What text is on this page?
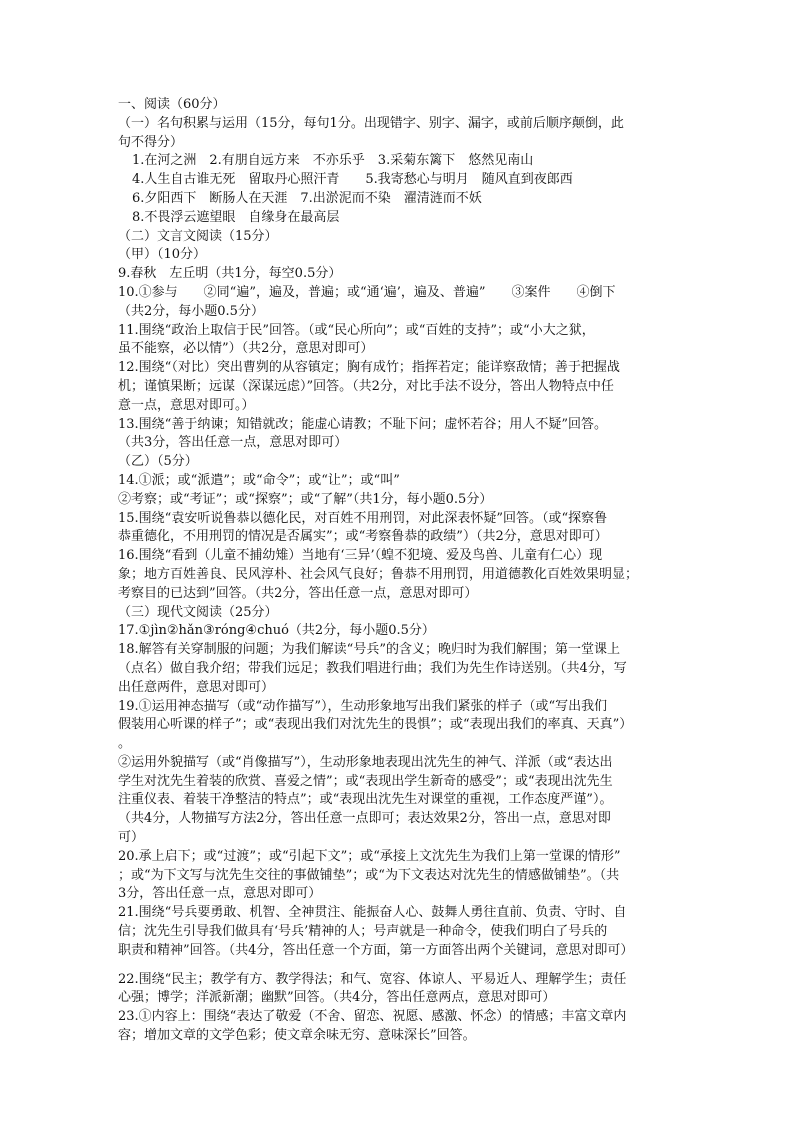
一、阅读（60分）
（一）名句积累与运用（15分，每句1分。出现错字、别字、漏字，或前后顺序颠倒，此
句不得分）
1.在河之洲　2.有朋自远方来　不亦乐乎　3.采菊东篱下　悠然见南山
4.人生自古谁无死　留取丹心照汗青　　5.我寄愁心与明月　随风直到夜郎西
6.夕阳西下　断肠人在天涯　7.出淤泥而不染　濯清涟而不妖
8.不畏浮云遮望眼　自缘身在最高层
（二）文言文阅读（15分）
（甲）（10分）
9.春秋　左丘明（共1分，每空0.5分）
10.①参与　　②同“遍”，遍及，普遍；或“通‘遍’，遍及、普遍”　　③案件　　④倒下
（共2分，每小题0.5分）
11.围绕“政治上取信于民”回答。（或“民心所向”；或“百姓的支持”；或“小大之狱，
虽不能察，必以情”）（共2分，意思对即可）
12.围绕“（对比）突出曹刿的从容镇定；胸有成竹；指挥若定；能详察敌情；善于把握战
机；谨慎果断；远谋（深谋远虑）”回答。（共2分，对比手法不设分，答出人物特点中任
意一点，意思对即可。）
13.围绕“善于纳谏；知错就改；能虚心请教；不耻下问；虚怀若谷；用人不疑”回答。
（共3分，答出任意一点，意思对即可）
（乙）（5分）
14.①派；或“派遣”；或“命令”；或“让”；或“叫”
②考察；或“考证”；或“探察”；或“了解”（共1分，每小题0.5分）
15.围绕“袁安听说鲁恭以德化民，对百姓不用刑罚，对此深表怀疑”回答。（或“探察鲁
恭重德化，不用刑罚的情况是否属实”；或“考察鲁恭的政绩”）（共2分，意思对即可）
16.围绕“看到（儿童不捕幼雉）当地有‘三异’（蝗不犯境、爱及鸟兽、儿童有仁心）现
象；地方百姓善良、民风淳朴、社会风气良好；鲁恭不用刑罚，用道德教化百姓效果明显；
考察目的已达到”回答。（共2分，答出任意一点，意思对即可）
（三）现代文阅读（25分）
17.①jìn②hǎn③róng④chuó（共2分，每小题0.5分）
18.解答有关穿制服的问题；为我们解读“号兵”的含义；晚归时为我们解围；第一堂课上
（点名）做自我介绍；带我们远足；教我们唱进行曲；我们为先生作诗送别。（共4分，写
出任意两件，意思对即可）
19.①运用神态描写（或“动作描写”），生动形象地写出我们紧张的样子（或“写出我们
假装用心听课的样子”；或“表现出我们对沈先生的畏惧”；或“表现出我们的率真、天真”）
。
②运用外貌描写（或“肖像描写”），生动形象地表现出沈先生的神气、洋派（或“表达出
学生对沈先生着装的欣赏、喜爱之情”；或“表现出学生新奇的感受”；或“表现出沈先生
注重仪表、着装干净整洁的特点”；或“表现出沈先生对课堂的重视，工作态度严谨”）。
（共4分，人物描写方法2分，答出任意一点即可；表达效果2分，答出一点，意思对即
可）
20.承上启下；或“过渡”；或“引起下文”；或“承接上文沈先生为我们上第一堂课的情形”
；或“为下文写与沈先生交往的事做铺垫”；或“为下文表达对沈先生的情感做铺垫”。（共
3分，答出任意一点，意思对即可）
21.围绕“号兵要勇敢、机智、全神贯注、能振奋人心、鼓舞人勇往直前、负责、守时、自
信；沈先生引导我们做具有‘号兵’精神的人；号声就是一种命令，使我们明白了号兵的
职责和精神”回答。（共4分，答出任意一个方面，第一方面答出两个关键词，意思对即可）
22.围绕“民主；教学有方、教学得法；和气、宽容、体谅人、平易近人、理解学生；责任
心强；博学；洋派新潮；幽默”回答。（共4分，答出任意两点，意思对即可）
23.①内容上：围绕“表达了敬爱（不舍、留恋、祝愿、感激、怀念）的情感；丰富文章内
容；增加文章的文学色彩；使文章余味无穷、意味深长”回答。
